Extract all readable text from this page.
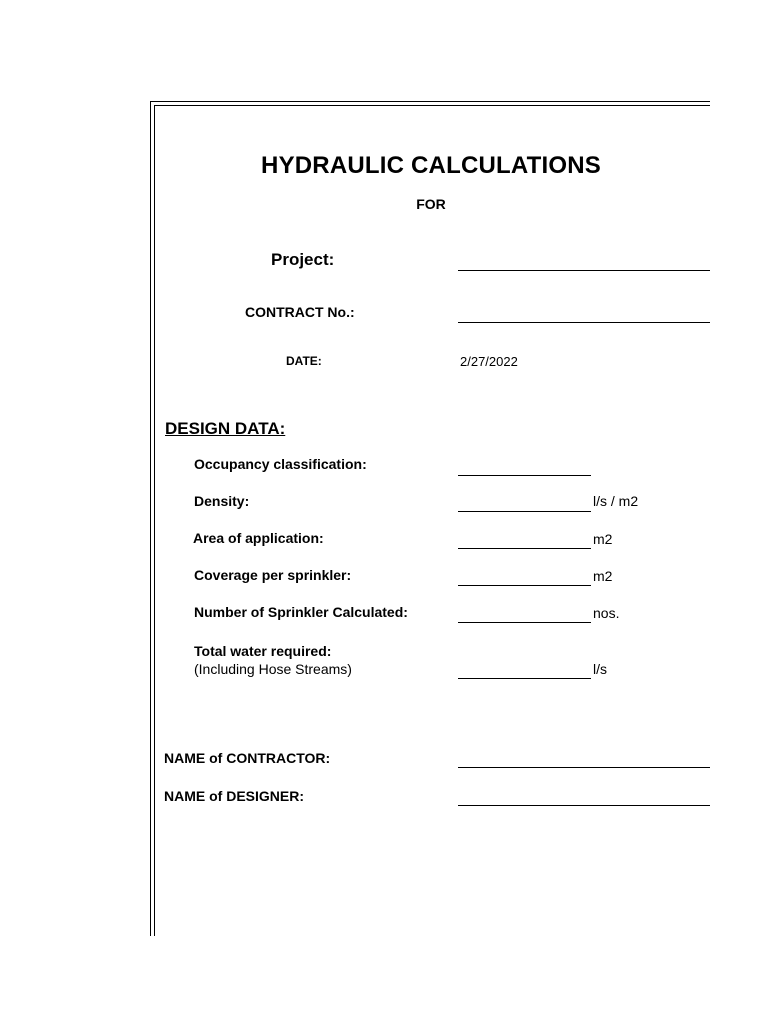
HYDRAULIC CALCULATIONS
FOR
Project:
CONTRACT No.:
DATE:	2/27/2022
DESIGN DATA:
Occupancy classification:
Density:	l/s / m2
Area of application:	m2
Coverage per sprinkler:	m2
Number of Sprinkler Calculated:	nos.
Total water required:
(Including Hose Streams)	l/s
NAME of CONTRACTOR:
NAME of DESIGNER:
